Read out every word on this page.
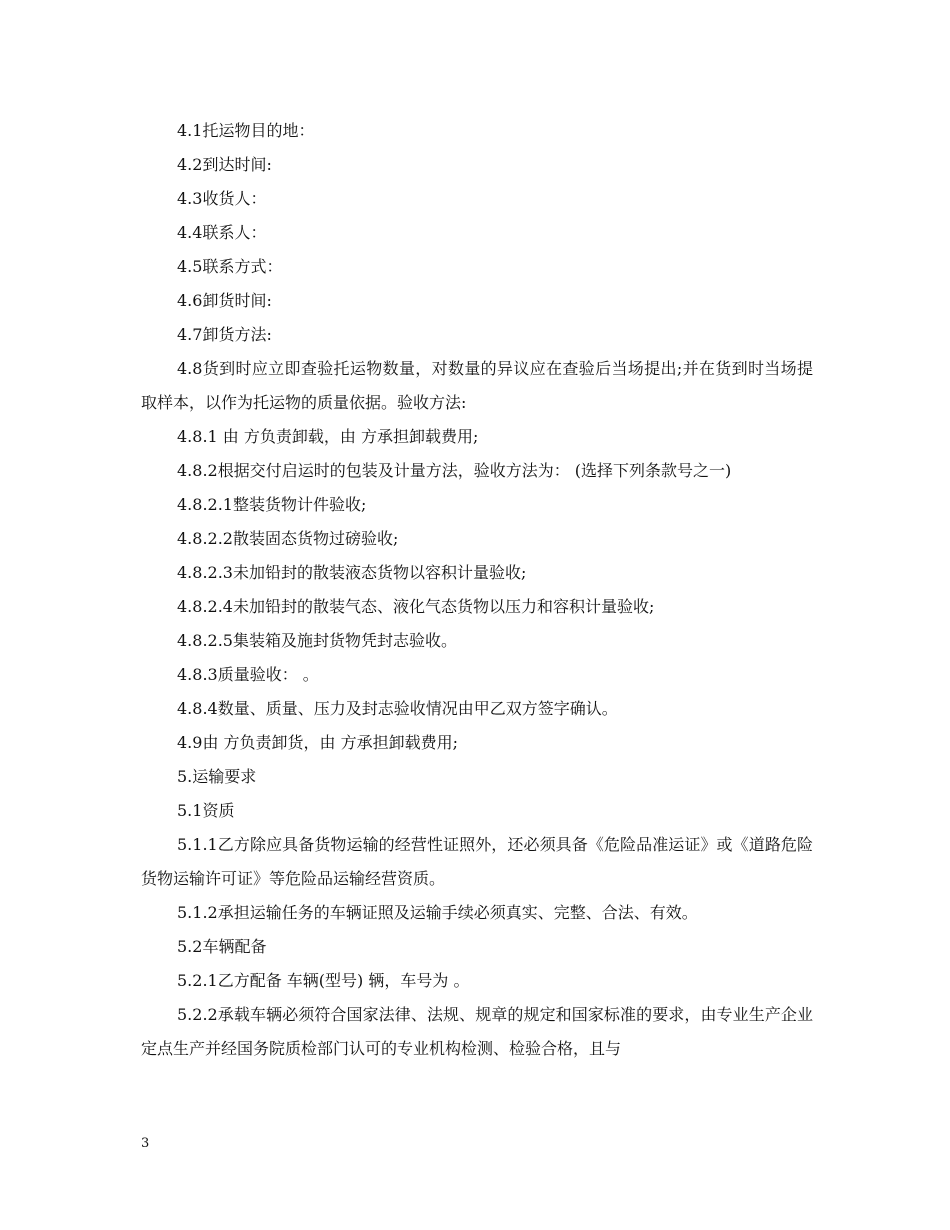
4.1托运物目的地：

4.2到达时间:

4.3收货人：

4.4联系人：

4.5联系方式：

4.6卸货时间:

4.7卸货方法:

4.8货到时应立即查验托运物数量，对数量的异议应在查验后当场提出;并在货到时当场提取样本，以作为托运物的质量依据。验收方法:

4.8.1 由 方负责卸载，由 方承担卸载费用;

4.8.2根据交付启运时的包装及计量方法，验收方法为： (选择下列条款号之一)

4.8.2.1整装货物计件验收;

4.8.2.2散装固态货物过磅验收;

4.8.2.3未加铅封的散装液态货物以容积计量验收;

4.8.2.4未加铅封的散装气态、液化气态货物以压力和容积计量验收;

4.8.2.5集装箱及施封货物凭封志验收。

4.8.3质量验收： 。

4.8.4数量、质量、压力及封志验收情况由甲乙双方签字确认。

4.9由 方负责卸货，由 方承担卸载费用;

5.运输要求

5.1资质

5.1.1乙方除应具备货物运输的经营性证照外，还必须具备《危险品准运证》或《道路危险货物运输许可证》等危险品运输经营资质。

5.1.2承担运输任务的车辆证照及运输手续必须真实、完整、合法、有效。

5.2车辆配备

5.2.1乙方配备 车辆(型号) 辆，车号为 。

5.2.2承载车辆必须符合国家法律、法规、规章的规定和国家标准的要求，由专业生产企业定点生产并经国务院质检部门认可的专业机构检测、检验合格，且与

3
